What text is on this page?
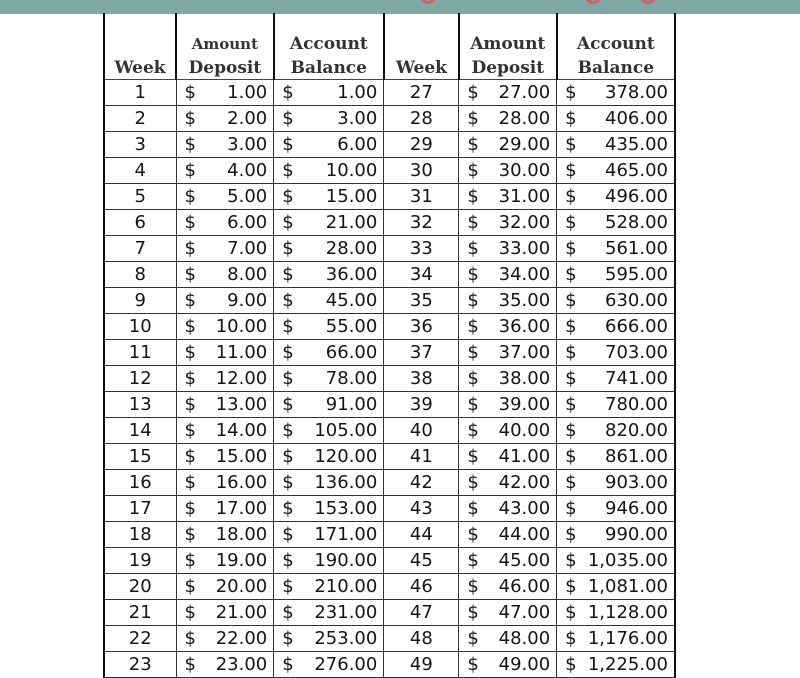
Week	Amount	Account	Week	Amount	Account
	Deposit	Balance		Deposit	Balance
1	$ 1.00	$ 1.00	27	$ 27.00	$ 378.00

2	$ 2.00	$ 3.00	28	$ 28.00	$ 406.00

3	$ 3.00	$ 6.00	29	$ 29.00	$ 435.00

4	$ 4.00	$ 10.00	30	$ 30.00	$ 465.00

5	$ 5.00	$ 15.00	31	$ 31.00	$ 496.00

6	$ 6.00	$ 21.00	32	$ 32.00	$ 528.00

7	$ 7.00	$ 28.00	33	$ 33.00	$ 561.00

8	$ 8.00	$ 36.00	34	$ 34.00	$ 595.00

9	$ 9.00	$ 45.00	35	$ 35.00	$ 630.00

10	$ 10.00	$ 55.00	36	$ 36.00	$ 666.00

11	$ 11.00	$ 66.00	37	$ 37.00	$ 703.00

12	$ 12.00	$ 78.00	38	$ 38.00	$ 741.00

13	$ 13.00	$ 91.00	39	$ 39.00	$ 780.00

14	$ 14.00	$ 105.00	40	$ 40.00	$ 820.00

15	$ 15.00	$ 120.00	41	$ 41.00	$ 861.00

16	$ 16.00	$ 136.00	42	$ 42.00	$ 903.00

17	$ 17.00	$ 153.00	43	$ 43.00	$ 946.00

18	$ 18.00	$ 171.00	44	$ 44.00	$ 990.00

19	$ 19.00	$ 190.00	45	$ 45.00	$ 1,035.00

20	$ 20.00	$ 210.00	46	$ 46.00	$ 1,081.00

21	$ 21.00	$ 231.00	47	$ 47.00	$ 1,128.00

22	$ 22.00	$ 253.00	48	$ 48.00	$ 1,176.00

23	$ 23.00	$ 276.00	49	$ 49.00	$ 1,225.00
